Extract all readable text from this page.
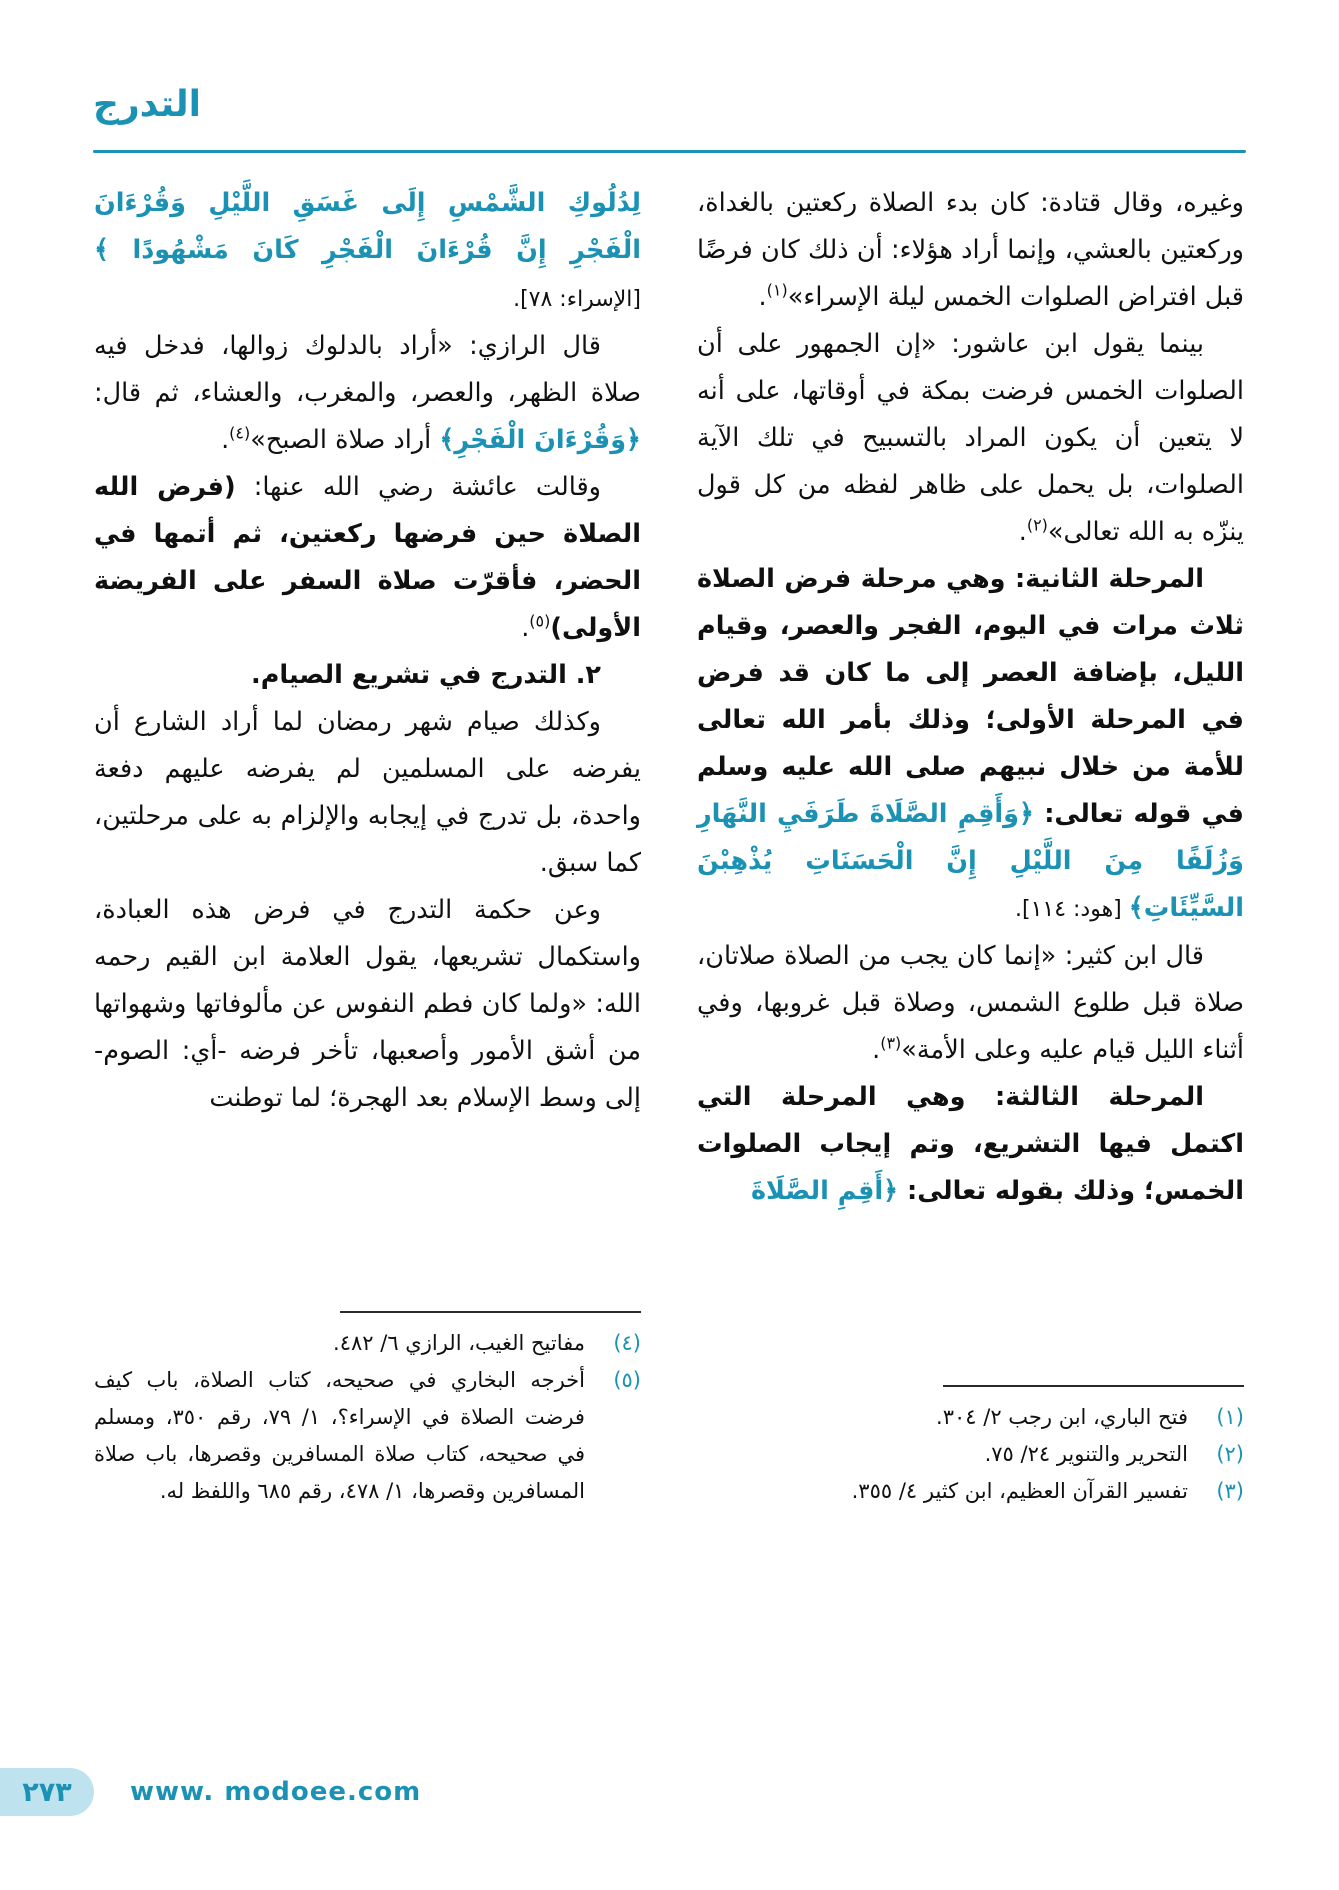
التدرج

وغيره، وقال قتادة: كان بدء الصلاة ركعتين بالغداة، وركعتين بالعشي، وإنما أراد هؤلاء: أن ذلك كان فرضًا قبل افتراض الصلوات الخمس ليلة الإسراء»$^{(١)}$.

بينما يقول ابن عاشور: «إن الجمهور على أن الصلوات الخمس فرضت بمكة في أوقاتها، على أنه لا يتعين أن يكون المراد بالتسبيح في تلك الآية الصلوات، بل يحمل على ظاهر لفظه من كل قول ينزّه به الله تعالى»$^{(٢)}$.

المرحلة الثانية: وهي مرحلة فرض الصلاة ثلاث مرات في اليوم، الفجر والعصر، وقيام الليل، بإضافة العصر إلى ما كان قد فرض في المرحلة الأولى؛ وذلك بأمر الله تعالى للأمة من خلال نبيهم صلى الله عليه وسلم في قوله تعالى: ﴿وَأَقِمِ الصَّلَاةَ طَرَفَيِ النَّهَارِ وَزُلَفًا مِنَ اللَّيْلِ إِنَّ الْحَسَنَاتِ يُذْهِبْنَ السَّيِّئَاتِ﴾ [هود: ١١٤].

قال ابن كثير: «إنما كان يجب من الصلاة صلاتان، صلاة قبل طلوع الشمس، وصلاة قبل غروبها، وفي أثناء الليل قيام عليه وعلى الأمة»$^{(٣)}$.

المرحلة الثالثة: وهي المرحلة التي اكتمل فيها التشريع، وتم إيجاب الصلوات الخمس؛ وذلك بقوله تعالى: ﴿أَقِمِ الصَّلَاةَ

(١)
فتح الباري، ابن رجب ٢/ ٣٠٤.
(٢)
التحرير والتنوير ٢٤/ ٧٥.
(٣)
تفسير القرآن العظيم، ابن كثير ٤/ ٣٥٥.

لِدُلُوكِ الشَّمْسِ إِلَى غَسَقِ اللَّيْلِ وَقُرْءَانَ الْفَجْرِ إِنَّ قُرْءَانَ الْفَجْرِ كَانَ مَشْهُودًا ﴾ [الإسراء: ٧٨].

قال الرازي: «أراد بالدلوك زوالها، فدخل فيه صلاة الظهر، والعصر، والمغرب، والعشاء، ثم قال: ﴿وَقُرْءَانَ الْفَجْرِ﴾ أراد صلاة الصبح»$^{(٤)}$.

وقالت عائشة رضي الله عنها: (فرض الله الصلاة حين فرضها ركعتين، ثم أتمها في الحضر، فأقرّت صلاة السفر على الفريضة الأولى)$^{(٥)}$.

٢. التدرج في تشريع الصيام.

وكذلك صيام شهر رمضان لما أراد الشارع أن يفرضه على المسلمين لم يفرضه عليهم دفعة واحدة، بل تدرج في إيجابه والإلزام به على مرحلتين، كما سبق.

وعن حكمة التدرج في فرض هذه العبادة، واستكمال تشريعها، يقول العلامة ابن القيم رحمه الله: «ولما كان فطم النفوس عن مألوفاتها وشهواتها من أشق الأمور وأصعبها، تأخر فرضه -أي: الصوم- إلى وسط الإسلام بعد الهجرة؛ لما توطنت

(٤)
مفاتيح الغيب، الرازي ٦/ ٤٨٢.
(٥)
أخرجه البخاري في صحيحه، كتاب الصلاة، باب كيف فرضت الصلاة في الإسراء؟، ١/ ٧٩، رقم ٣٥٠، ومسلم في صحيحه، كتاب صلاة المسافرين وقصرها، باب صلاة المسافرين وقصرها، ١/ ٤٧٨، رقم ٦٨٥ واللفظ له.
٢٧٣ www. modoee.com
